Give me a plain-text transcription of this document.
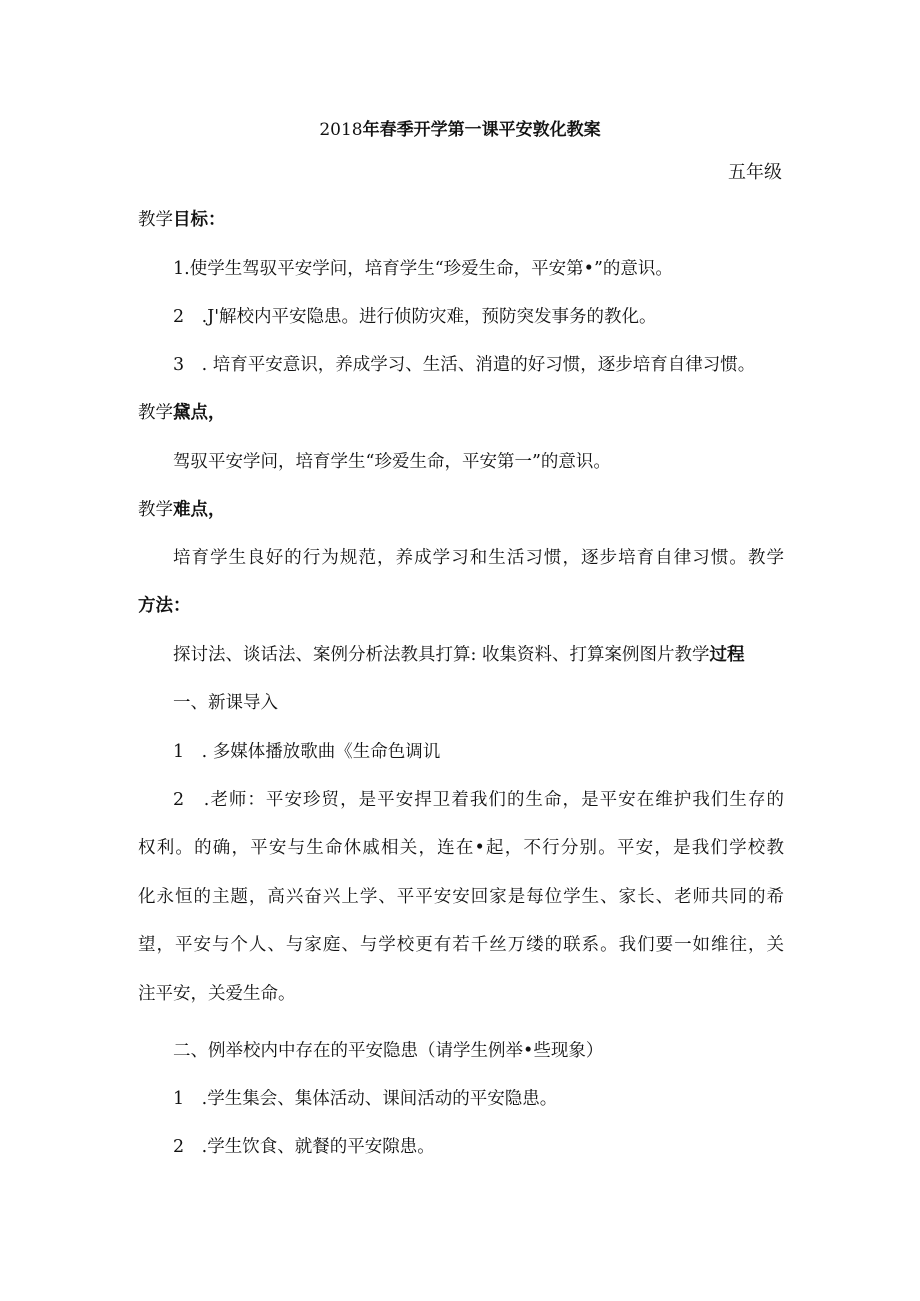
2018年春季开学第一课平安敦化教案
五年级
教学目标：
1.使学生驾驭平安学问，培育学生“珍爱生命，平安第•”的意识。
2　.J'解校内平安隐患。进行侦防灾难，预防突发事务的教化。
3　. 培育平安意识，养成学习、生活、消遣的好习惯，逐步培育自律习惯。
教学黛点，
驾驭平安学问，培育学生“珍爱生命，平安第一”的意识。
教学难点，
培育学生良好的行为规范，养成学习和生活习惯，逐步培育自律习惯。教学
方法：
探讨法、谈话法、案例分析法教具打算: 收集资料、打算案例图片教学过程
一、新课导入
1　. 多媒体播放歌曲《生命色调讥
2　.老师：平安珍贸，是平安捍卫着我们的生命，是平安在维护我们生存的
权利。的确，平安与生命休戚相关，连在•起，不行分别。平安，是我们学校教
化永恒的主题，高兴奋兴上学、平平安安回家是每位学生、家长、老师共同的希
望，平安与个人、与家庭、与学校更有若千丝万缕的联系。我们要一如维往，关
注平安，关爱生命。
二、例举校内中存在的平安隐患（请学生例举•些现象）
1　.学生集会、集体活动、课间活动的平安隐患。
2　.学生饮食、就餐的平安隙患。
